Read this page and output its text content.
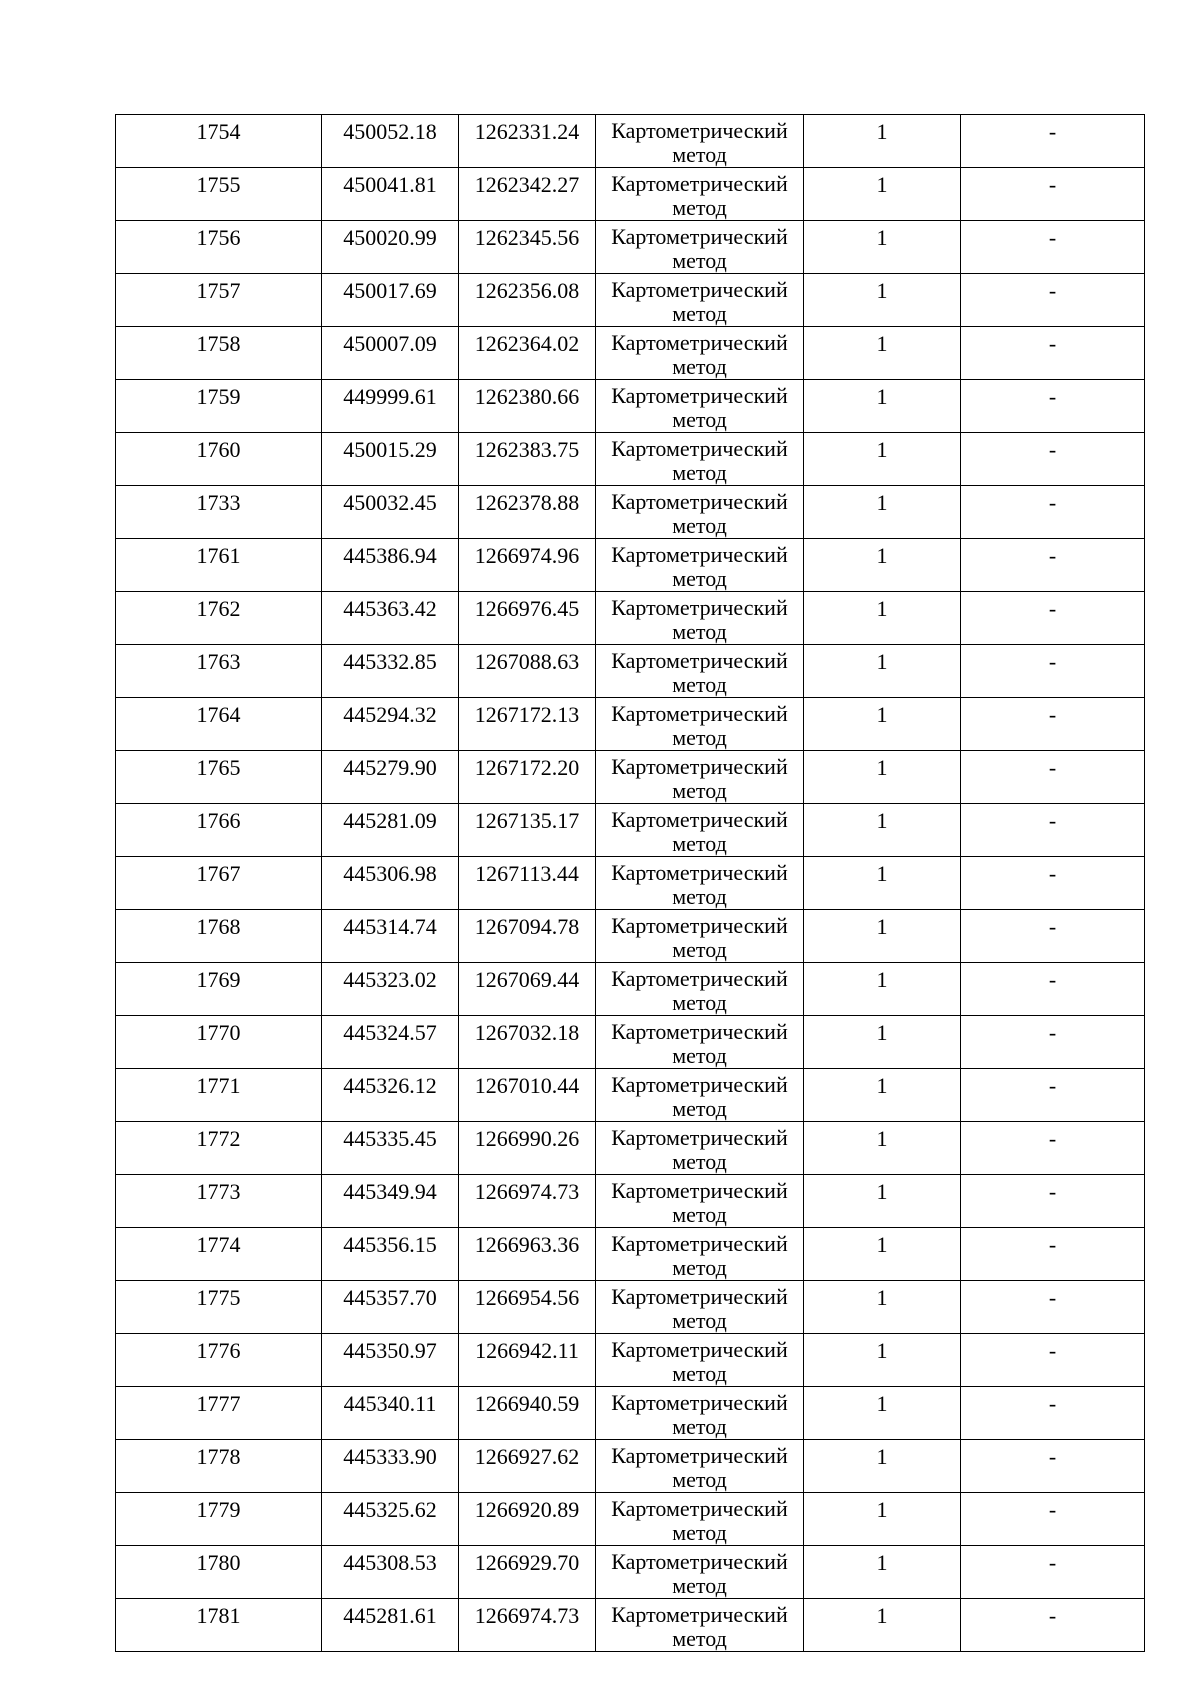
1754	450052.18	1262331.24	Картометрический метод	1	-

1755	450041.81	1262342.27	Картометрический метод	1	-

1756	450020.99	1262345.56	Картометрический метод	1	-

1757	450017.69	1262356.08	Картометрический метод	1	-

1758	450007.09	1262364.02	Картометрический метод	1	-

1759	449999.61	1262380.66	Картометрический метод	1	-

1760	450015.29	1262383.75	Картометрический метод	1	-

1733	450032.45	1262378.88	Картометрический метод	1	-

1761	445386.94	1266974.96	Картометрический метод	1	-

1762	445363.42	1266976.45	Картометрический метод	1	-

1763	445332.85	1267088.63	Картометрический метод	1	-

1764	445294.32	1267172.13	Картометрический метод	1	-

1765	445279.90	1267172.20	Картометрический метод	1	-

1766	445281.09	1267135.17	Картометрический метод	1	-

1767	445306.98	1267113.44	Картометрический метод	1	-

1768	445314.74	1267094.78	Картометрический метод	1	-

1769	445323.02	1267069.44	Картометрический метод	1	-

1770	445324.57	1267032.18	Картометрический метод	1	-

1771	445326.12	1267010.44	Картометрический метод	1	-

1772	445335.45	1266990.26	Картометрический метод	1	-

1773	445349.94	1266974.73	Картометрический метод	1	-

1774	445356.15	1266963.36	Картометрический метод	1	-

1775	445357.70	1266954.56	Картометрический метод	1	-

1776	445350.97	1266942.11	Картометрический метод	1	-

1777	445340.11	1266940.59	Картометрический метод	1	-

1778	445333.90	1266927.62	Картометрический метод	1	-

1779	445325.62	1266920.89	Картометрический метод	1	-

1780	445308.53	1266929.70	Картометрический метод	1	-

1781	445281.61	1266974.73	Картометрический метод	1	-
